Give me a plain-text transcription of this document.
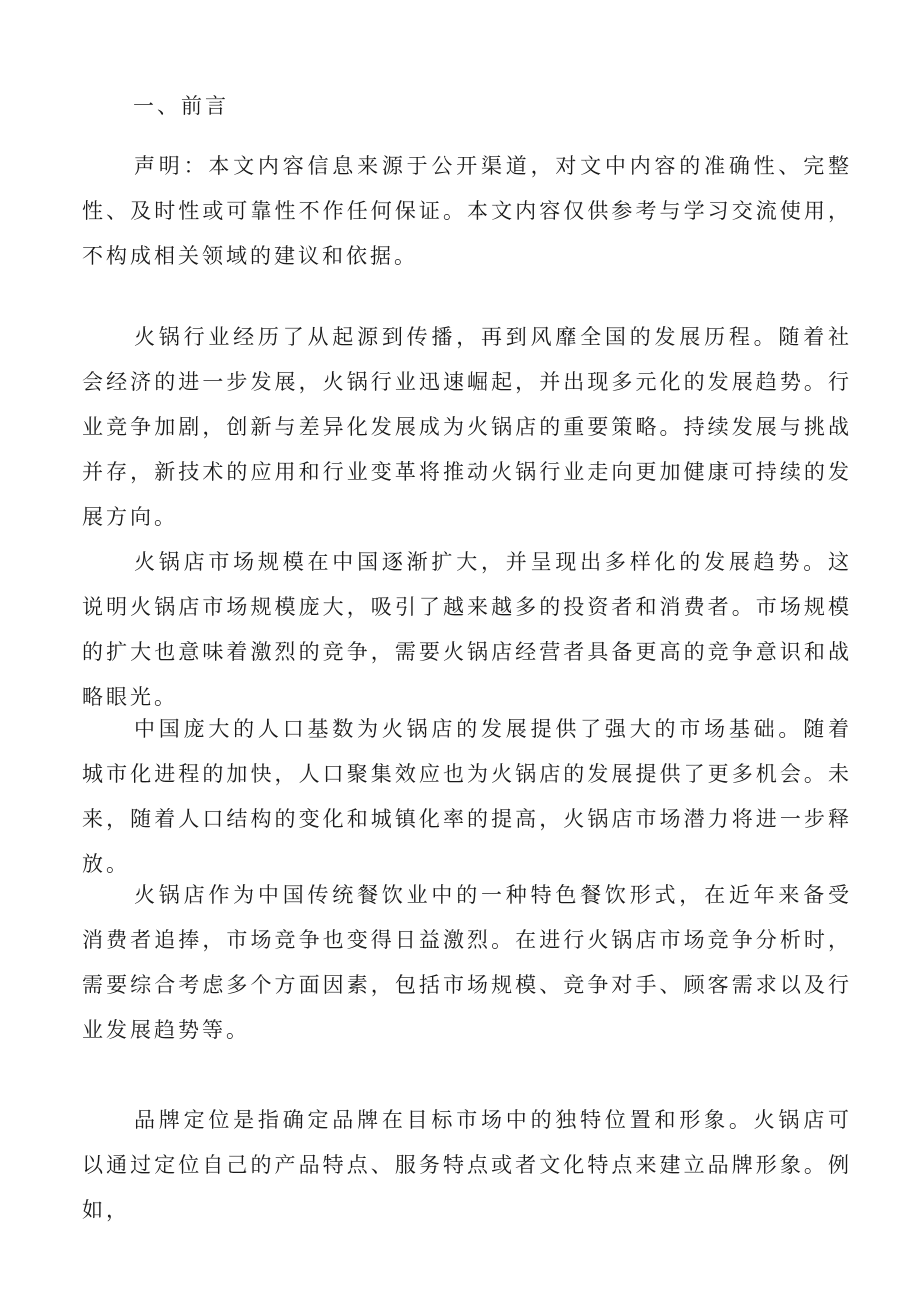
一、前言

声明：本文内容信息来源于公开渠道，对文中内容的准确性、完整性、及时性或可靠性不作任何保证。本文内容仅供参考与学习交流使用，不构成相关领域的建议和依据。

火锅行业经历了从起源到传播，再到风靡全国的发展历程。随着社会经济的进一步发展，火锅行业迅速崛起，并出现多元化的发展趋势。行业竞争加剧，创新与差异化发展成为火锅店的重要策略。持续发展与挑战并存，新技术的应用和行业变革将推动火锅行业走向更加健康可持续的发展方向。

火锅店市场规模在中国逐渐扩大，并呈现出多样化的发展趋势。这说明火锅店市场规模庞大，吸引了越来越多的投资者和消费者。市场规模的扩大也意味着激烈的竞争，需要火锅店经营者具备更高的竞争意识和战略眼光。

中国庞大的人口基数为火锅店的发展提供了强大的市场基础。随着城市化进程的加快，人口聚集效应也为火锅店的发展提供了更多机会。未来，随着人口结构的变化和城镇化率的提高，火锅店市场潜力将进一步释放。

火锅店作为中国传统餐饮业中的一种特色餐饮形式，在近年来备受消费者追捧，市场竞争也变得日益激烈。在进行火锅店市场竞争分析时，需要综合考虑多个方面因素，包括市场规模、竞争对手、顾客需求以及行业发展趋势等。

品牌定位是指确定品牌在目标市场中的独特位置和形象。火锅店可以通过定位自己的产品特点、服务特点或者文化特点来建立品牌形象。例如，
